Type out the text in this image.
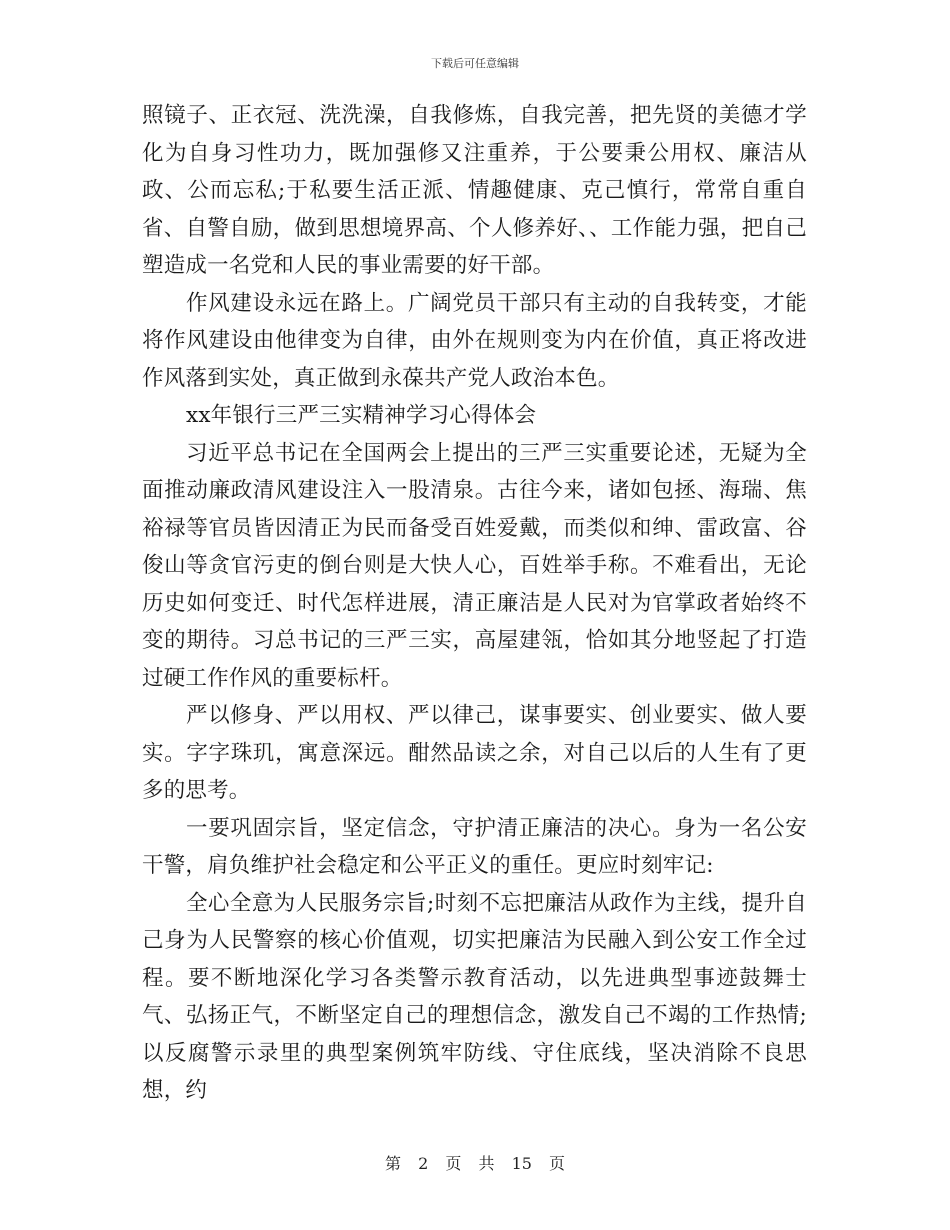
下载后可任意编辑

照镜子、正衣冠、洗洗澡，自我修炼，自我完善，把先贤的美德才学化为自身习性功力，既加强修又注重养，于公要秉公用权、廉洁从政、公而忘私;于私要生活正派、情趣健康、克己慎行，常常自重自省、自警自励，做到思想境界高、个人修养好、、工作能力强，把自己塑造成一名党和人民的事业需要的好干部。

作风建设永远在路上。广阔党员干部只有主动的自我转变，才能将作风建设由他律变为自律，由外在规则变为内在价值，真正将改进作风落到实处，真正做到永葆共产党人政治本色。

xx年银行三严三实精神学习心得体会

习近平总书记在全国两会上提出的三严三实重要论述，无疑为全面推动廉政清风建设注入一股清泉。古往今来，诸如包拯、海瑞、焦裕禄等官员皆因清正为民而备受百姓爱戴，而类似和绅、雷政富、谷俊山等贪官污吏的倒台则是大快人心，百姓举手称。不难看出，无论历史如何变迁、时代怎样进展，清正廉洁是人民对为官掌政者始终不变的期待。习总书记的三严三实，高屋建瓴，恰如其分地竖起了打造过硬工作作风的重要标杆。

严以修身、严以用权、严以律己，谋事要实、创业要实、做人要实。字字珠玑，寓意深远。酣然品读之余，对自己以后的人生有了更多的思考。

一要巩固宗旨，坚定信念，守护清正廉洁的决心。身为一名公安干警，肩负维护社会稳定和公平正义的重任。更应时刻牢记:

全心全意为人民服务宗旨;时刻不忘把廉洁从政作为主线，提升自己身为人民警察的核心价值观，切实把廉洁为民融入到公安工作全过程。要不断地深化学习各类警示教育活动，以先进典型事迹鼓舞士气、弘扬正气，不断坚定自己的理想信念，激发自己不竭的工作热情;以反腐警示录里的典型案例筑牢防线、守住底线，坚决消除不良思想，约

第 2 页 共 15 页
